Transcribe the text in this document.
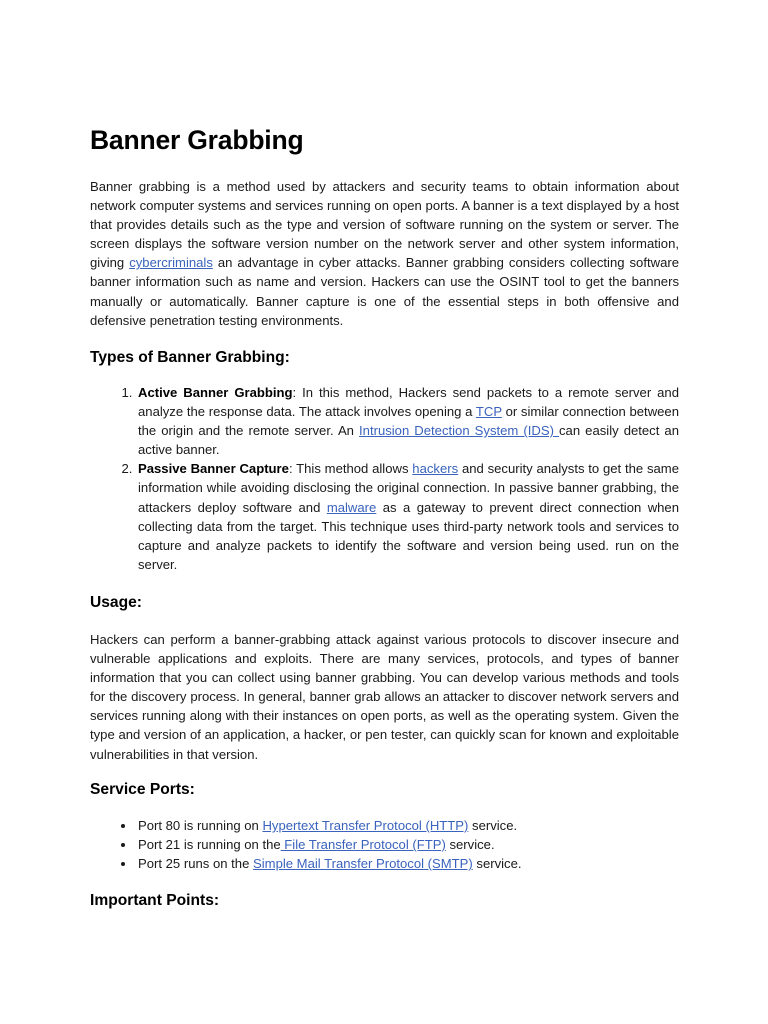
Banner Grabbing

Banner grabbing is a method used by attackers and security teams to obtain information about network computer systems and services running on open ports. A banner is a text displayed by a host that provides details such as the type and version of software running on the system or server. The screen displays the software version number on the network server and other system information, giving cybercriminals an advantage in cyber attacks. Banner grabbing considers collecting software banner information such as name and version. Hackers can use the OSINT tool to get the banners manually or automatically. Banner capture is one of the essential steps in both offensive and defensive penetration testing environments.

Types of Banner Grabbing:
1. Active Banner Grabbing: In this method, Hackers send packets to a remote server and analyze the response data. The attack involves opening a TCP or similar connection between the origin and the remote server. An Intrusion Detection System (IDS) can easily detect an active banner.
2. Passive Banner Capture: This method allows hackers and security analysts to get the same information while avoiding disclosing the original connection. In passive banner grabbing, the attackers deploy software and malware as a gateway to prevent direct connection when collecting data from the target. This technique uses third-party network tools and services to capture and analyze packets to identify the software and version being used. run on the server.
Usage:

Hackers can perform a banner-grabbing attack against various protocols to discover insecure and vulnerable applications and exploits. There are many services, protocols, and types of banner information that you can collect using banner grabbing. You can develop various methods and tools for the discovery process. In general, banner grab allows an attacker to discover network servers and services running along with their instances on open ports, as well as the operating system. Given the type and version of an application, a hacker, or pen tester, can quickly scan for known and exploitable vulnerabilities in that version.

Service Ports:
• Port 80 is running on Hypertext Transfer Protocol (HTTP) service.
• Port 21 is running on the File Transfer Protocol (FTP) service.
• Port 25 runs on the Simple Mail Transfer Protocol (SMTP) service.
Important Points:
